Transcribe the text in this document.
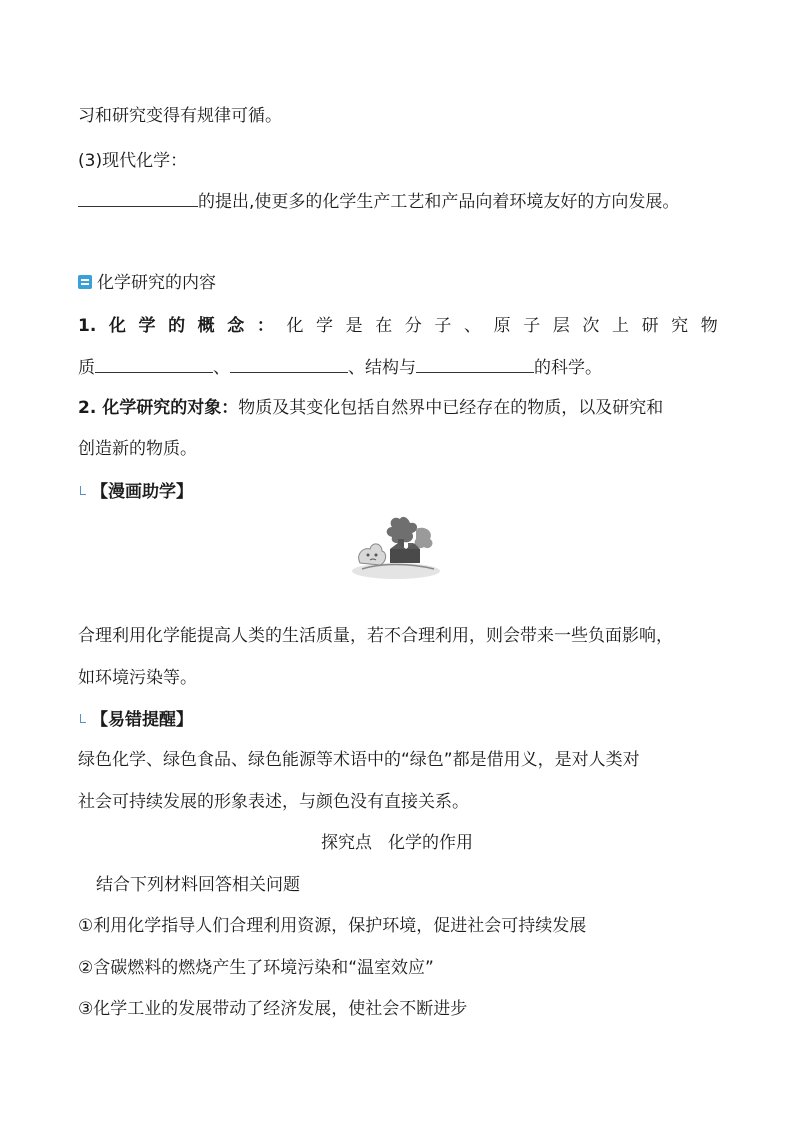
习和研究变得有规律可循。
(3)现代化学：
的提出,使更多的化学生产工艺和产品向着环境友好的方向发展。
化学研究的内容
1. 化 学 的 概 念 ： 化 学 是 在 分 子 、 原 子 层 次 上 研 究 物
质	、	、结构与	的科学。
2. 化学研究的对象：物质及其变化包括自然界中已经存在的物质，以及研究和
创造新的物质。
【漫画助学】
合理利用化学能提高人类的生活质量，若不合理利用，则会带来一些负面影响，
如环境污染等。
【易错提醒】
绿色化学、绿色食品、绿色能源等术语中的“绿色”都是借用义，是对人类对
社会可持续发展的形象表述，与颜色没有直接关系。
探究点 化学的作用
结合下列材料回答相关问题
①利用化学指导人们合理利用资源，保护环境，促进社会可持续发展
②含碳燃料的燃烧产生了环境污染和“温室效应”
③化学工业的发展带动了经济发展，使社会不断进步
